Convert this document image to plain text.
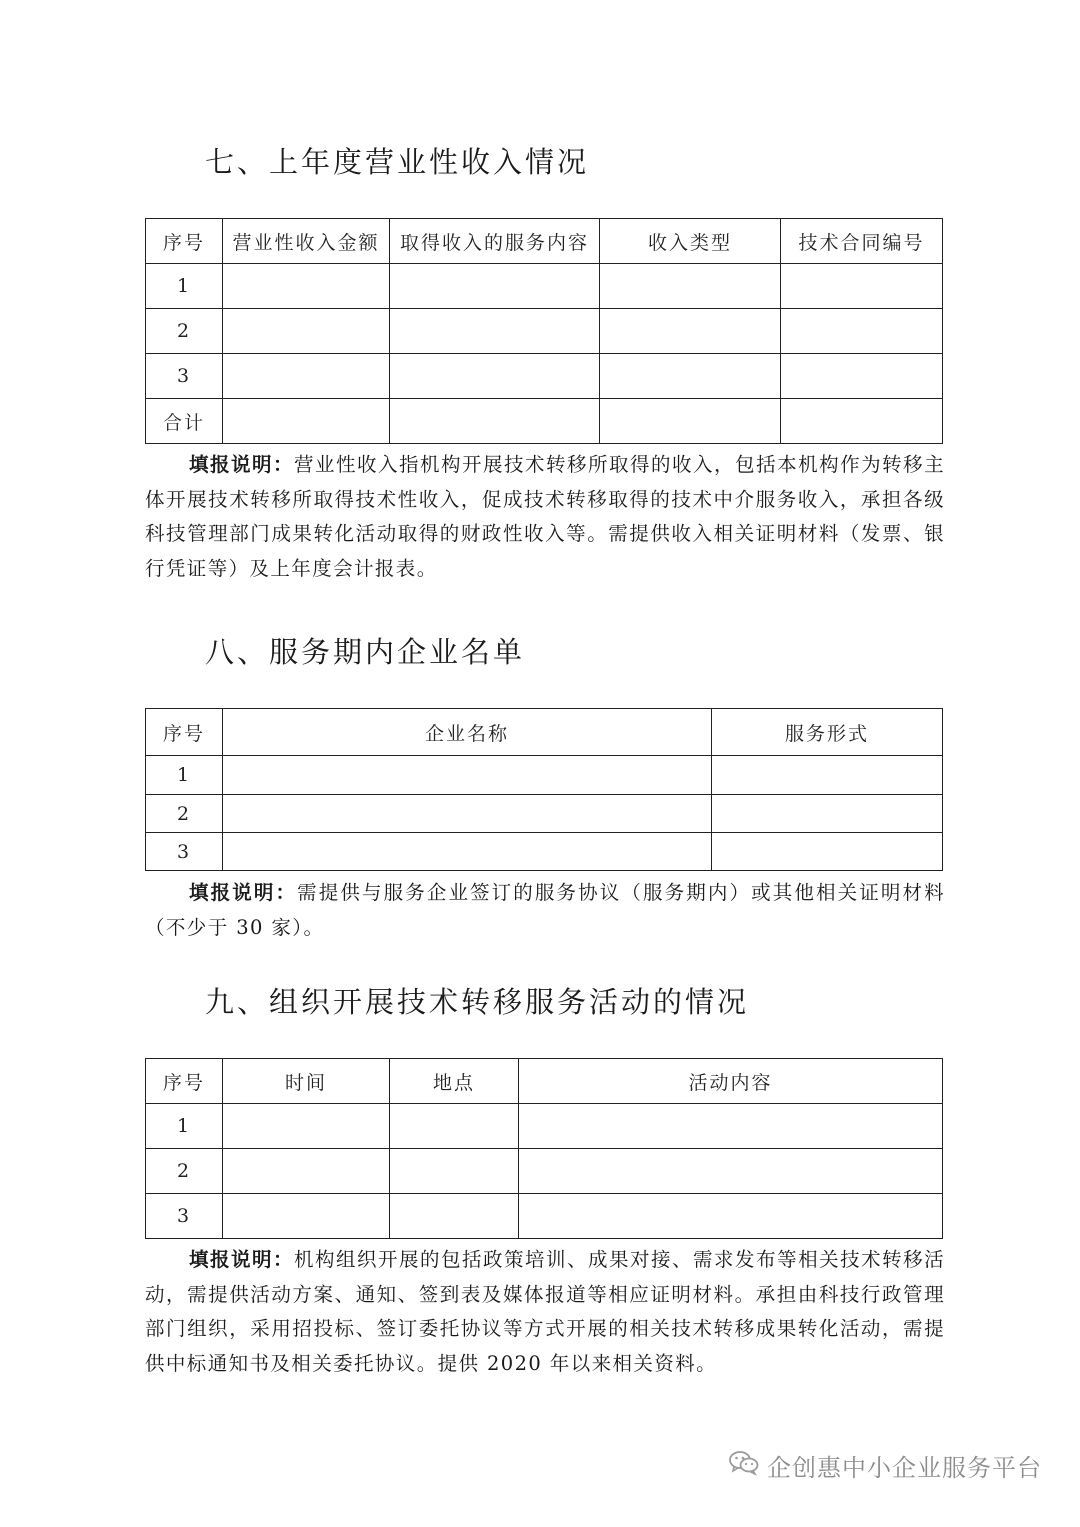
七、上年度营业性收入情况
序号	营业性收入金额	取得收入的服务内容	收入类型	技术合同编号
1				
2				
3				
合计				

填报说明：营业性收入指机构开展技术转移所取得的收入，包括本机构作为转移主体开展技术转移所取得技术性收入，促成技术转移取得的技术中介服务收入，承担各级科技管理部门成果转化活动取得的财政性收入等。需提供收入相关证明材料（发票、银行凭证等）及上年度会计报表。

八、服务期内企业名单
序号	企业名称	服务形式
1		
2		
3		

填报说明：需提供与服务企业签订的服务协议（服务期内）或其他相关证明材料（不少于 30 家）。

九、组织开展技术转移服务活动的情况
序号	时间	地点	活动内容
1			
2			
3			

填报说明：机构组织开展的包括政策培训、成果对接、需求发布等相关技术转移活动，需提供活动方案、通知、签到表及媒体报道等相应证明材料。承担由科技行政管理部门组织，采用招投标、签订委托协议等方式开展的相关技术转移成果转化活动，需提供中标通知书及相关委托协议。提供 2020 年以来相关资料。

企创惠中小企业服务平台
